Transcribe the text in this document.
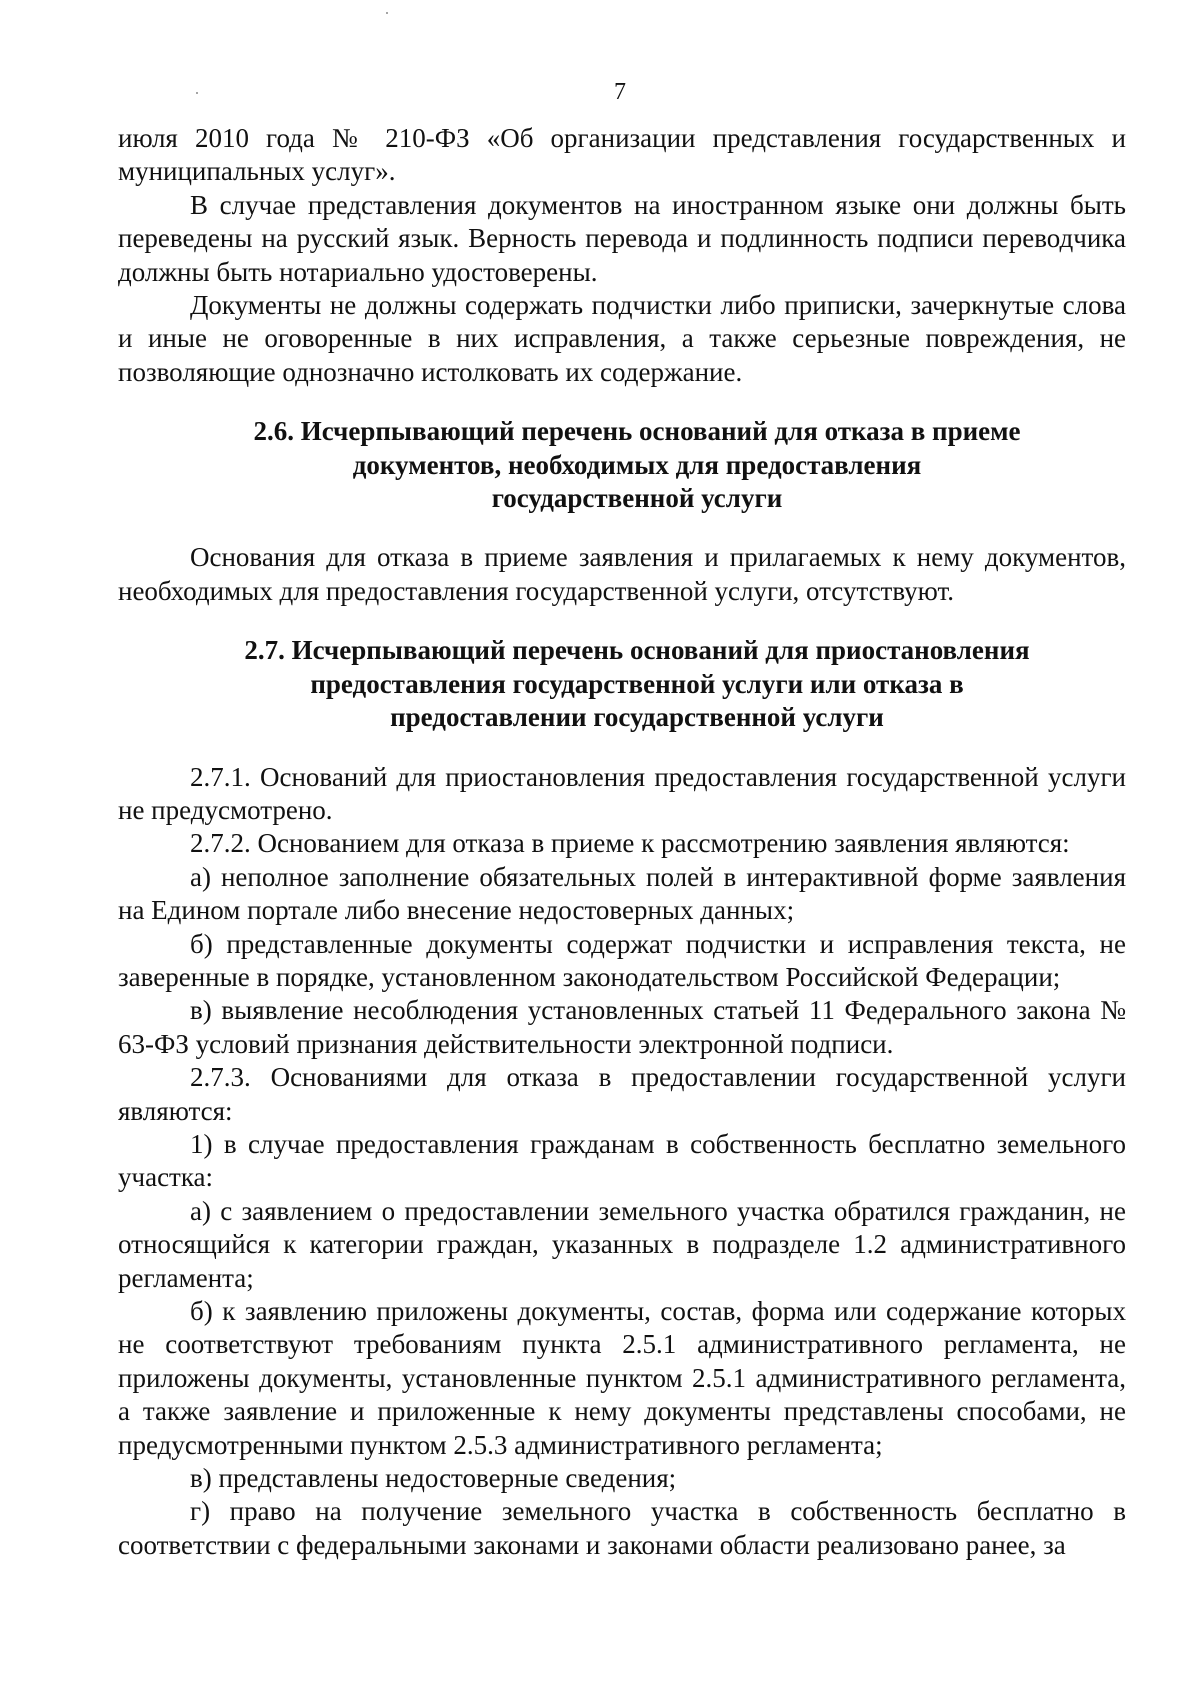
7

июля 2010 года № 210-ФЗ «Об организации представления государственных и муниципальных услуг».

В случае представления документов на иностранном языке они должны быть переведены на русский язык. Верность перевода и подлинность подписи переводчика должны быть нотариально удостоверены.

Документы не должны содержать подчистки либо приписки, зачеркнутые слова и иные не оговоренные в них исправления, а также серьезные повреждения, не позволяющие однозначно истолковать их содержание.

2.6. Исчерпывающий перечень оснований для отказа в приеме

документов, необходимых для предоставления

государственной услуги

Основания для отказа в приеме заявления и прилагаемых к нему документов, необходимых для предоставления государственной услуги, отсутствуют.

2.7. Исчерпывающий перечень оснований для приостановления

предоставления государственной услуги или отказа в

предоставлении государственной услуги

2.7.1. Оснований для приостановления предоставления государственной услуги не предусмотрено.

2.7.2. Основанием для отказа в приеме к рассмотрению заявления являются:

а) неполное заполнение обязательных полей в интерактивной форме заявления на Едином портале либо внесение недостоверных данных;

б) представленные документы содержат подчистки и исправления текста, не заверенные в порядке, установленном законодательством Российской Федерации;

в) выявление несоблюдения установленных статьей 11 Федерального закона № 63-ФЗ условий признания действительности электронной подписи.

2.7.3. Основаниями для отказа в предоставлении государственной услуги являются:

1) в случае предоставления гражданам в собственность бесплатно земельного участка:

а) с заявлением о предоставлении земельного участка обратился гражданин, не относящийся к категории граждан, указанных в подразделе 1.2 административного регламента;

б) к заявлению приложены документы, состав, форма или содержание которых не соответствуют требованиям пункта 2.5.1 административного регламента, не приложены документы, установленные пунктом 2.5.1 административного регламента, а также заявление и приложенные к нему документы представлены способами, не предусмотренными пунктом 2.5.3 административного регламента;

в) представлены недостоверные сведения;

г) право на получение земельного участка в собственность бесплатно в соответствии с федеральными законами и законами области реализовано ранее, за
